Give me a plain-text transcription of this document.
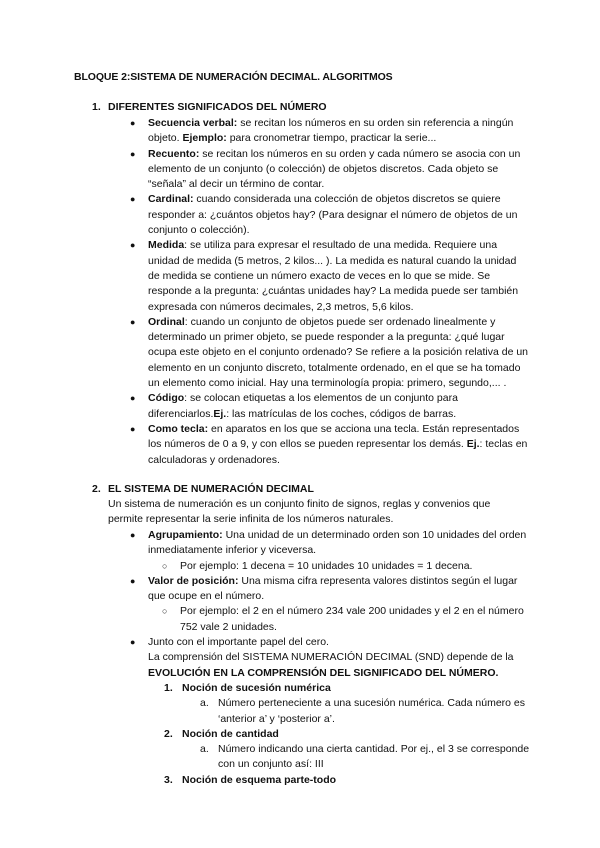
BLOQUE 2:SISTEMA DE NUMERACIÓN DECIMAL. ALGORITMOS
1. DIFERENTES SIGNIFICADOS DEL NÚMERO
● Secuencia verbal: se recitan los números en su orden sin referencia a ningún objeto. Ejemplo: para cronometrar tiempo, practicar la serie...
● Recuento: se recitan los números en su orden y cada número se asocia con un elemento de un conjunto (o colección) de objetos discretos. Cada objeto se “señala” al decir un término de contar.
● Cardinal: cuando considerada una colección de objetos discretos se quiere responder a: ¿cuántos objetos hay? (Para designar el número de objetos de un conjunto o colección).
● Medida: se utiliza para expresar el resultado de una medida. Requiere una unidad de medida (5 metros, 2 kilos... ). La medida es natural cuando la unidad de medida se contiene un número exacto de veces en lo que se mide. Se responde a la pregunta: ¿cuántas unidades hay? La medida puede ser también expresada con números decimales, 2,3 metros, 5,6 kilos.
● Ordinal: cuando un conjunto de objetos puede ser ordenado linealmente y determinado un primer objeto, se puede responder a la pregunta: ¿qué lugar ocupa este objeto en el conjunto ordenado? Se refiere a la posición relativa de un elemento en un conjunto discreto, totalmente ordenado, en el que se ha tomado un elemento como inicial. Hay una terminología propia: primero, segundo,... .
● Código: se colocan etiquetas a los elementos de un conjunto para diferenciarlos.Ej.: las matrículas de los coches, códigos de barras.
● Como tecla: en aparatos en los que se acciona una tecla. Están representados los números de 0 a 9, y con ellos se pueden representar los demás. Ej.: teclas en calculadoras y ordenadores.
2. EL SISTEMA DE NUMERACIÓN DECIMAL
Un sistema de numeración es un conjunto finito de signos, reglas y convenios que permite representar la serie infinita de los números naturales.
● Agrupamiento: Una unidad de un determinado orden son 10 unidades del orden inmediatamente inferior y viceversa.
○ Por ejemplo: 1 decena = 10 unidades 10 unidades = 1 decena.
● Valor de posición: Una misma cifra representa valores distintos según el lugar que ocupe en el número.
○ Por ejemplo: el 2 en el número 234 vale 200 unidades y el 2 en el número 752 vale 2 unidades.
● Junto con el importante papel del cero.
La comprensión del SISTEMA NUMERACIÓN DECIMAL (SND) depende de la EVOLUCIÓN EN LA COMPRENSIÓN DEL SIGNIFICADO DEL NÚMERO.
1. Noción de sucesión numérica
a. Número perteneciente a una sucesión numérica. Cada número es ‘anterior a’ y ‘posterior a’.
2. Noción de cantidad
a. Número indicando una cierta cantidad. Por ej., el 3 se corresponde con un conjunto así: III
3. Noción de esquema parte-todo
